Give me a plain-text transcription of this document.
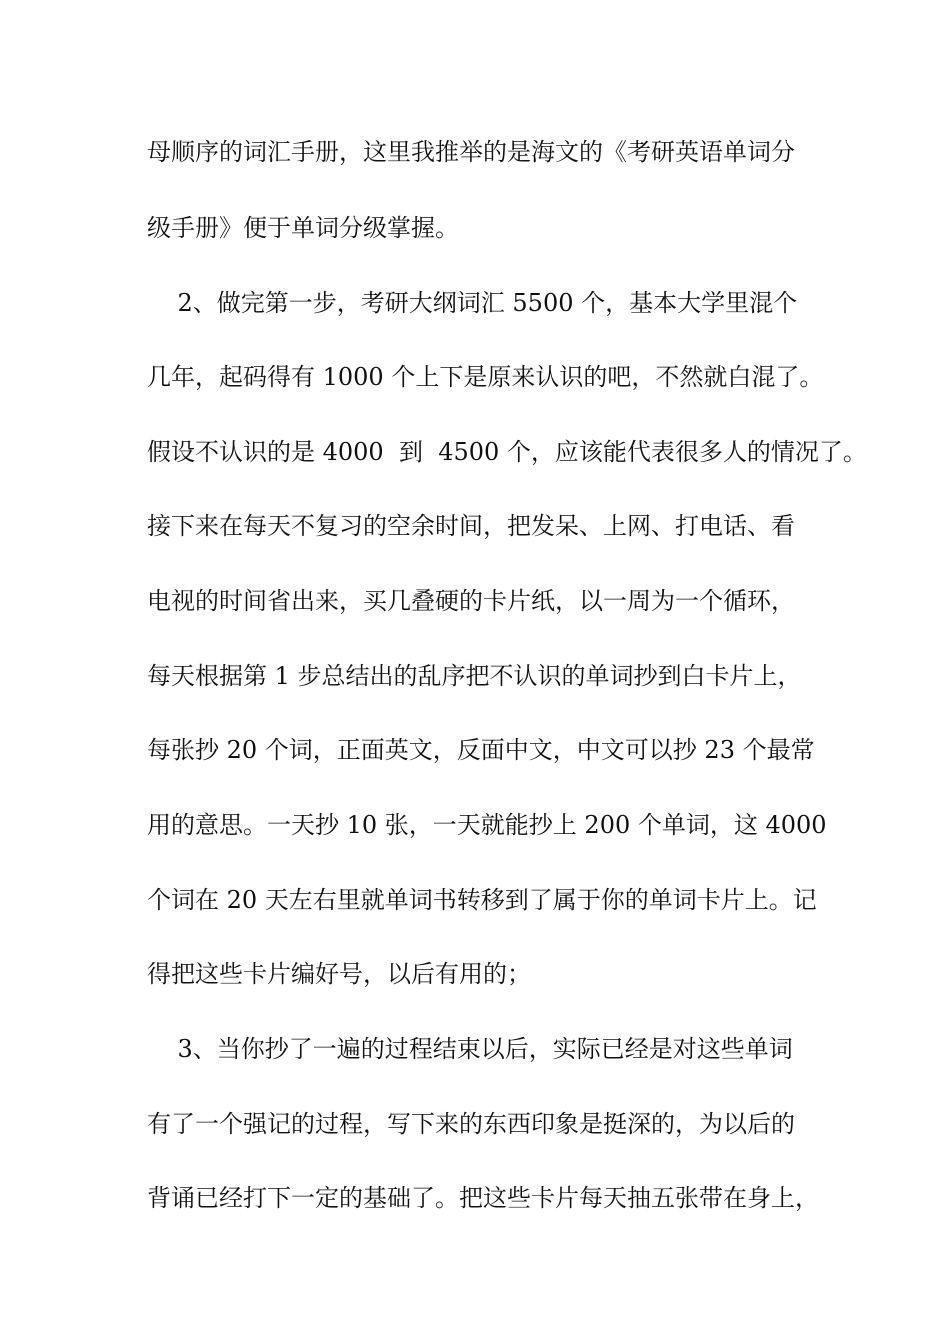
母顺序的词汇手册，这里我推举的是海文的《考研英语单词分
级手册》便于单词分级掌握。
2、做完第一步，考研大纲词汇 5500 个，基本大学里混个
几年，起码得有 1000 个上下是原来认识的吧，不然就白混了。
假设不认识的是 4000  到  4500 个，应该能代表很多人的情况了。
接下来在每天不复习的空余时间，把发呆、上网、打电话、看
电视的时间省出来，买几叠硬的卡片纸，以一周为一个循环，
每天根据第 1 步总结出的乱序把不认识的单词抄到白卡片上，
每张抄 20 个词，正面英文，反面中文，中文可以抄 23 个最常
用的意思。一天抄 10 张，一天就能抄上 200 个单词，这 4000
个词在 20 天左右里就单词书转移到了属于你的单词卡片上。记
得把这些卡片编好号，以后有用的；
3、当你抄了一遍的过程结束以后，实际已经是对这些单词
有了一个强记的过程，写下来的东西印象是挺深的，为以后的
背诵已经打下一定的基础了。把这些卡片每天抽五张带在身上，
